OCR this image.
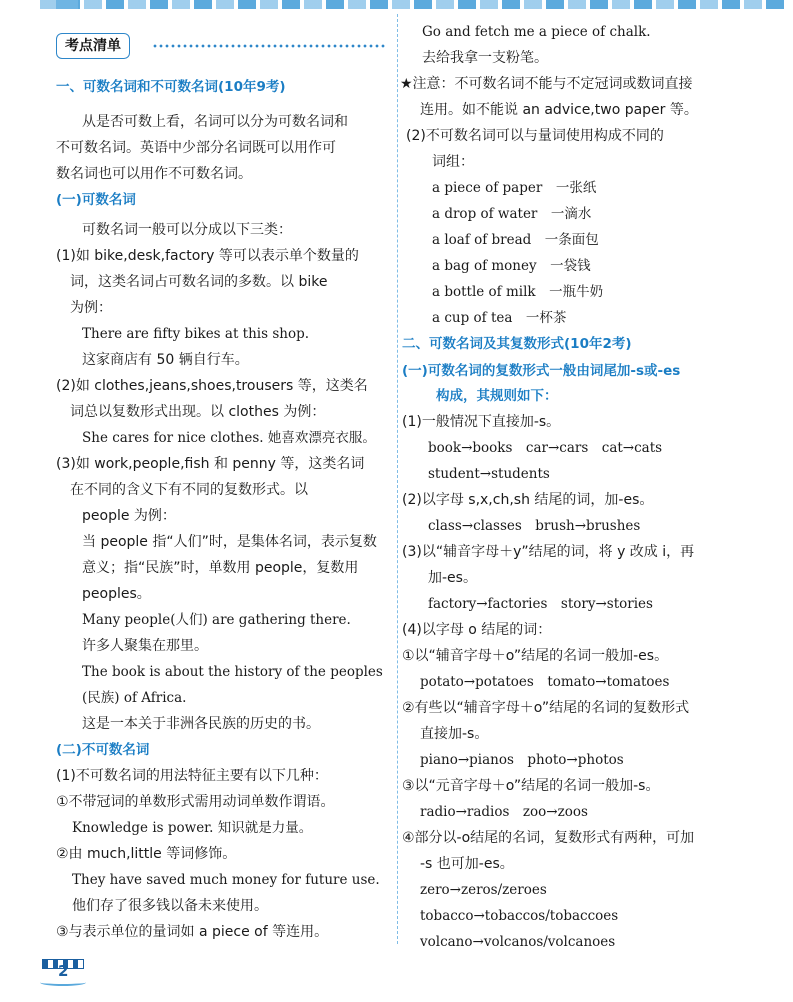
考点清单
一、可数名词和不可数名词(10年9考)
从是否可数上看，名词可以分为可数名词和
不可数名词。英语中少部分名词既可以用作可
数名词也可以用作不可数名词。
(一)可数名词
可数名词一般可以分成以下三类：
(1)如 bike,desk,factory 等可以表示单个数量的
词，这类名词占可数名词的多数。以 bike
为例：
There are fifty bikes at this shop.
这家商店有 50 辆自行车。
(2)如 clothes,jeans,shoes,trousers 等，这类名
词总以复数形式出现。以 clothes 为例：
She cares for nice clothes. 她喜欢漂亮衣服。
(3)如 work,people,fish 和 penny 等，这类名词
在不同的含义下有不同的复数形式。以
people 为例：
当 people 指“人们”时，是集体名词，表示复数
意义；指“民族”时，单数用 people，复数用
peoples。
Many people(人们) are gathering there.
许多人聚集在那里。
The book is about the history of the peoples
(民族) of Africa.
这是一本关于非洲各民族的历史的书。
(二)不可数名词
(1)不可数名词的用法特征主要有以下几种：
①不带冠词的单数形式需用动词单数作谓语。
Knowledge is power. 知识就是力量。
②由 much,little 等词修饰。
They have saved much money for future use.
他们存了很多钱以备未来使用。
③与表示单位的量词如 a piece of 等连用。
Go and fetch me a piece of chalk.
去给我拿一支粉笔。
★注意：不可数名词不能与不定冠词或数词直接
连用。如不能说 an advice,two paper 等。
(2)不可数名词可以与量词使用构成不同的
词组：
a piece of paper　一张纸
a drop of water　一滴水
a loaf of bread　一条面包
a bag of money　一袋钱
a bottle of milk　一瓶牛奶
a cup of tea　一杯茶
二、可数名词及其复数形式(10年2考)
(一)可数名词的复数形式一般由词尾加-s或-es
构成，其规则如下：
(1)一般情况下直接加-s。
book→books　car→cars　cat→cats
student→students
(2)以字母 s,x,ch,sh 结尾的词，加-es。
class→classes　brush→brushes
(3)以“辅音字母＋y”结尾的词，将 y 改成 i，再
加-es。
factory→factories　story→stories
(4)以字母 o 结尾的词：
①以“辅音字母＋o”结尾的名词一般加-es。
potato→potatoes　tomato→tomatoes
②有些以“辅音字母＋o”结尾的名词的复数形式
直接加-s。
piano→pianos　photo→photos
③以“元音字母＋o”结尾的名词一般加-s。
radio→radios　zoo→zoos
④部分以-o结尾的名词，复数形式有两种，可加
-s 也可加-es。
zero→zeros/zeroes
tobacco→tobaccos/tobaccoes
volcano→volcanos/volcanoes
2
